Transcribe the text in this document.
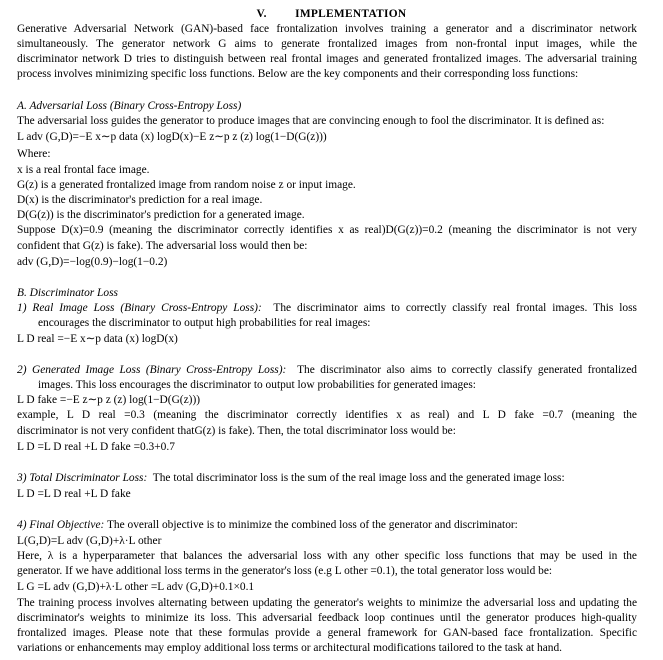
V. IMPLEMENTATION
Generative Adversarial Network (GAN)-based face frontalization involves training a generator and a discriminator network
simultaneously. The generator network G aims to generate frontalized images from non-frontal input images, while the
discriminator network D tries to distinguish between real frontal images and generated frontalized images. The adversarial training
process involves minimizing specific loss functions. Below are the key components and their corresponding loss functions:
A. Adversarial Loss (Binary Cross-Entropy Loss)
The adversarial loss guides the generator to produce images that are convincing enough to fool the discriminator. It is defined as:
L adv (G,D)=−E x∼p data (x) logD(x)−E z∼p z (z) log(1−D(G(z)))
Where:
x is a real frontal face image.
G(z) is a generated frontalized image from random noise z or input image.
D(x) is the discriminator's prediction for a real image.
D(G(z)) is the discriminator's prediction for a generated image.
Suppose D(x)=0.9 (meaning the discriminator correctly identifies x as real)D(G(z))=0.2 (meaning the discriminator is not very
confident that G(z) is fake). The adversarial loss would then be:
adv (G,D)=−log(0.9)−log(1−0.2)
B. Discriminator Loss
1) Real Image Loss (Binary Cross-Entropy Loss): The discriminator aims to correctly classify real frontal images. This loss
encourages the discriminator to output high probabilities for real images:
L D real =−E x∼p data (x) logD(x)
2) Generated Image Loss (Binary Cross-Entropy Loss): The discriminator also aims to correctly classify generated frontalized
images. This loss encourages the discriminator to output low probabilities for generated images:
L D fake =−E z∼p z (z) log(1−D(G(z)))
example, L D real =0.3 (meaning the discriminator correctly identifies x as real) and L D fake =0.7 (meaning the
discriminator is not very confident thatG(z) is fake). Then, the total discriminator loss would be:
L D =L D real +L D fake =0.3+0.7
3) Total Discriminator Loss: The total discriminator loss is the sum of the real image loss and the generated image loss:
L D =L D real +L D fake
4) Final Objective: The overall objective is to minimize the combined loss of the generator and discriminator:
L(G,D)=L adv (G,D)+λ·L other
Here, λ is a hyperparameter that balances the adversarial loss with any other specific loss functions that may be used in the
generator. If we have additional loss terms in the generator's loss (e.g L other =0.1), the total generator loss would be:
L G =L adv (G,D)+λ·L other =L adv (G,D)+0.1×0.1
The training process involves alternating between updating the generator's weights to minimize the adversarial loss and updating the
discriminator's weights to minimize its loss. This adversarial feedback loop continues until the generator produces high-quality
frontalized images. Please note that these formulas provide a general framework for GAN-based face frontalization. Specific
variations or enhancements may employ additional loss terms or architectural modifications tailored to the task at hand.
